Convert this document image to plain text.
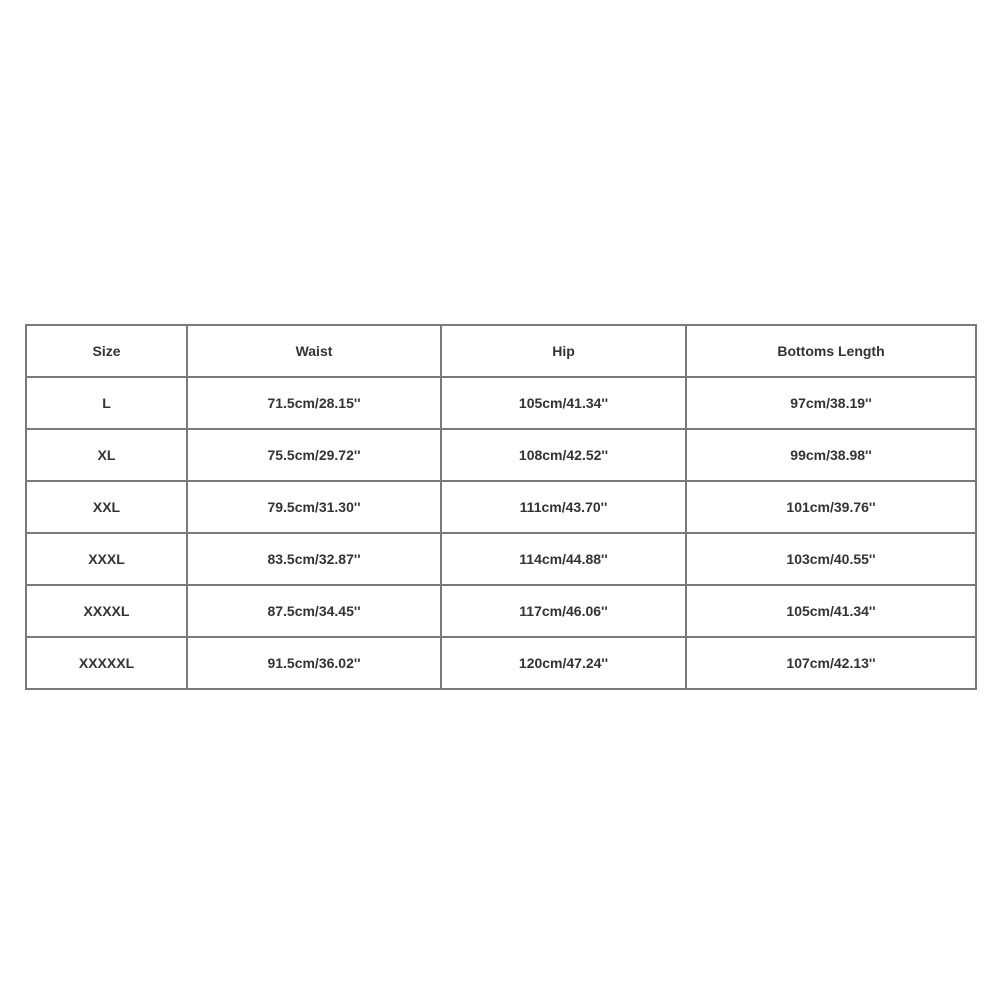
Size	Waist	Hip	Bottoms Length
L	71.5cm/28.15''	105cm/41.34''	97cm/38.19''
XL	75.5cm/29.72''	108cm/42.52''	99cm/38.98''
XXL	79.5cm/31.30''	111cm/43.70''	101cm/39.76''
XXXL	83.5cm/32.87''	114cm/44.88''	103cm/40.55''
XXXXL	87.5cm/34.45''	117cm/46.06''	105cm/41.34''
XXXXXL	91.5cm/36.02''	120cm/47.24''	107cm/42.13''
